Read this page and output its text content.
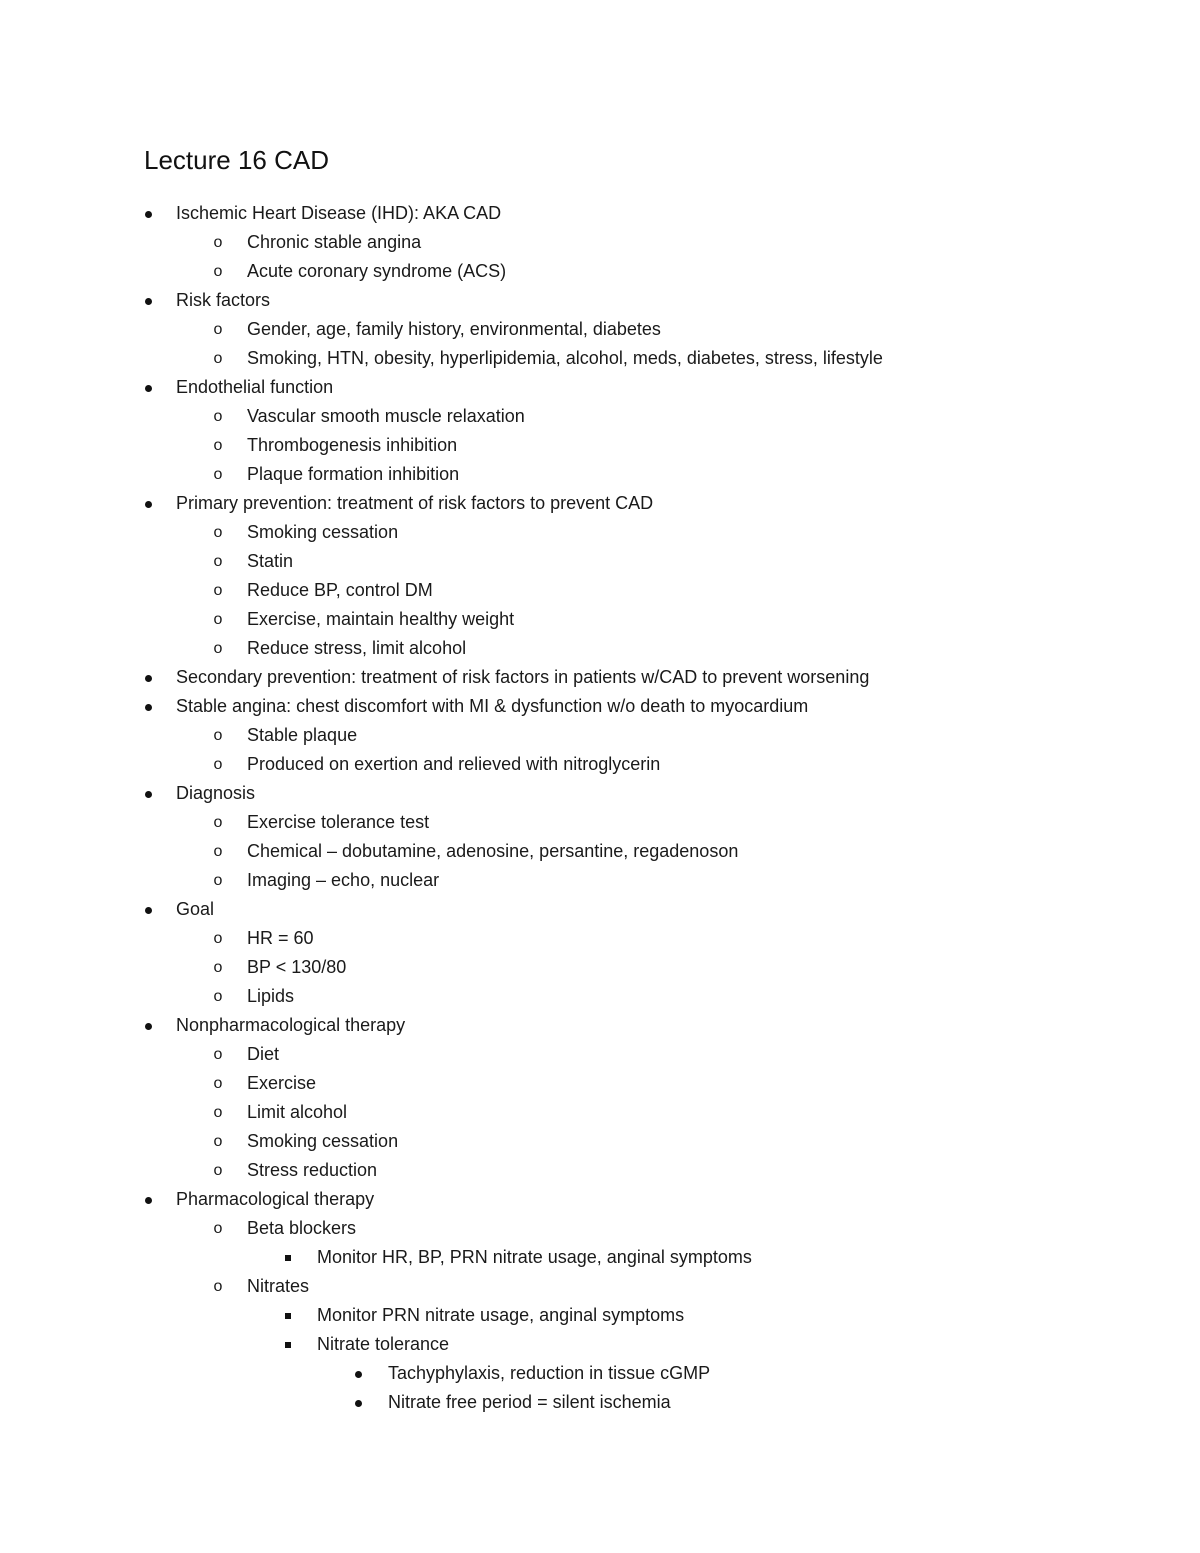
Lecture 16 CAD
Ischemic Heart Disease (IHD): AKA CAD
o	Chronic stable angina
o	Acute coronary syndrome (ACS)
Risk factors
o	Gender, age, family history, environmental, diabetes
o	Smoking, HTN, obesity, hyperlipidemia, alcohol, meds, diabetes, stress, lifestyle
Endothelial function
o	Vascular smooth muscle relaxation
o	Thrombogenesis inhibition
o	Plaque formation inhibition
Primary prevention: treatment of risk factors to prevent CAD
o	Smoking cessation
o	Statin
o	Reduce BP, control DM
o	Exercise, maintain healthy weight
o	Reduce stress, limit alcohol
Secondary prevention: treatment of risk factors in patients w/CAD to prevent worsening
Stable angina: chest discomfort with MI & dysfunction w/o death to myocardium
o	Stable plaque
o	Produced on exertion and relieved with nitroglycerin
Diagnosis
o	Exercise tolerance test
o	Chemical – dobutamine, adenosine, persantine, regadenoson
o	Imaging – echo, nuclear
Goal
o	HR = 60
o	BP < 130/80
o	Lipids
Nonpharmacological therapy
o	Diet
o	Exercise
o	Limit alcohol
o	Smoking cessation
o	Stress reduction
Pharmacological therapy
o	Beta blockers
Monitor HR, BP, PRN nitrate usage, anginal symptoms
o	Nitrates
Monitor PRN nitrate usage, anginal symptoms
Nitrate tolerance
Tachyphylaxis, reduction in tissue cGMP
Nitrate free period = silent ischemia
